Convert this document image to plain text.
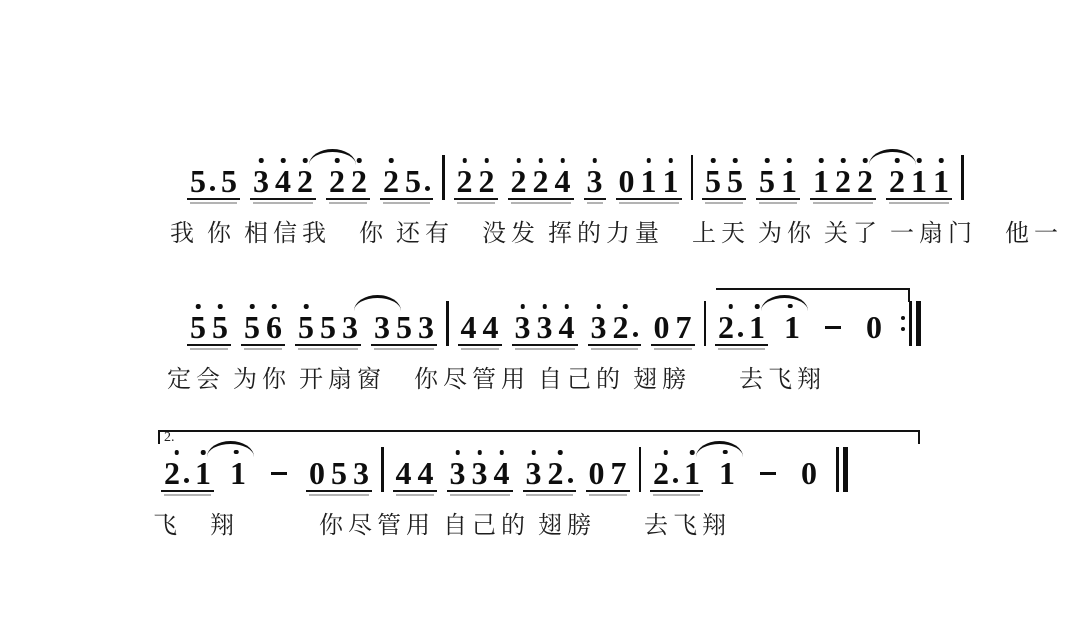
5 5 3 4 2 2 2 2 5 2 2 2 2 4 3 0 1 1 5 5 5 1 1 2 2 2 1 1
我 你 相信我 你 还有 没发 挥的力量 上天 为你 关了 一扇门 他一
5 5 5 6 5 5 3 3 5 3 4 4 3 3 4 3 2 0 7 2 1 1 0
定会 为你 开扇窗 你尽管用 自己的 翅膀 去飞翔
2.
2 1 1 0 5 3 4 4 3 3 4 3 2 0 7 2 1 1 0
飞 翔	你尽管用 自己的 翅膀 去飞翔
